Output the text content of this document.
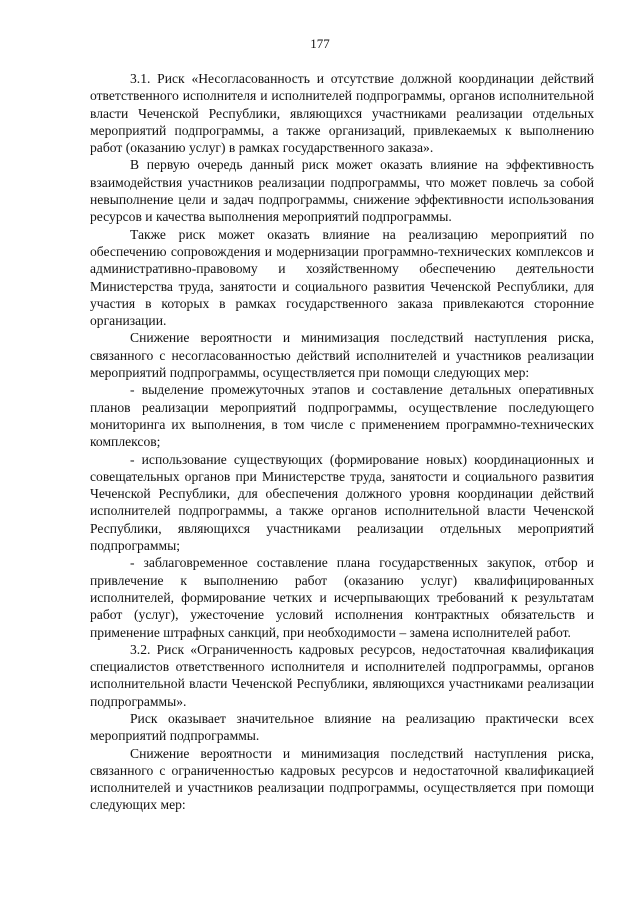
177

3.1. Риск «Несогласованность и отсутствие должной координации действий ответственного исполнителя и исполнителей подпрограммы, органов исполнительной власти Чеченской Республики, являющихся участниками реализации отдельных мероприятий подпрограммы, а также организаций, привлекаемых к выполнению работ (оказанию услуг) в рамках государственного заказа».

В первую очередь данный риск может оказать влияние на эффективность взаимодействия участников реализации подпрограммы, что может повлечь за собой невыполнение цели и задач подпрограммы, снижение эффективности использования ресурсов и качества выполнения мероприятий подпрограммы.

Также риск может оказать влияние на реализацию мероприятий по обеспечению сопровождения и модернизации программно-технических комплексов и административно-правовому и хозяйственному обеспечению деятельности Министерства труда, занятости и социального развития Чеченской Республики, для участия в которых в рамках государственного заказа привлекаются сторонние организации.

Снижение вероятности и минимизация последствий наступления риска, связанного с несогласованностью действий исполнителей и участников реализации мероприятий подпрограммы, осуществляется при помощи следующих мер:

- выделение промежуточных этапов и составление детальных оперативных планов реализации мероприятий подпрограммы, осуществление последующего мониторинга их выполнения, в том числе с применением программно-технических комплексов;

- использование существующих (формирование новых) координационных и совещательных органов при Министерстве труда, занятости и социального развития Чеченской Республики, для обеспечения должного уровня координации действий исполнителей подпрограммы, а также органов исполнительной власти Чеченской Республики, являющихся участниками реализации отдельных мероприятий подпрограммы;

- заблаговременное составление плана государственных закупок, отбор и привлечение к выполнению работ (оказанию услуг) квалифицированных исполнителей, формирование четких и исчерпывающих требований к результатам работ (услуг), ужесточение условий исполнения контрактных обязательств и применение штрафных санкций, при необходимости – замена исполнителей работ.

3.2. Риск «Ограниченность кадровых ресурсов, недостаточная квалификация специалистов ответственного исполнителя и исполнителей подпрограммы, органов исполнительной власти Чеченской Республики, являющихся участниками реализации подпрограммы».

Риск оказывает значительное влияние на реализацию практически всех мероприятий подпрограммы.

Снижение вероятности и минимизация последствий наступления риска, связанного с ограниченностью кадровых ресурсов и недостаточной квалификацией исполнителей и участников реализации подпрограммы, осуществляется при помощи следующих мер:
